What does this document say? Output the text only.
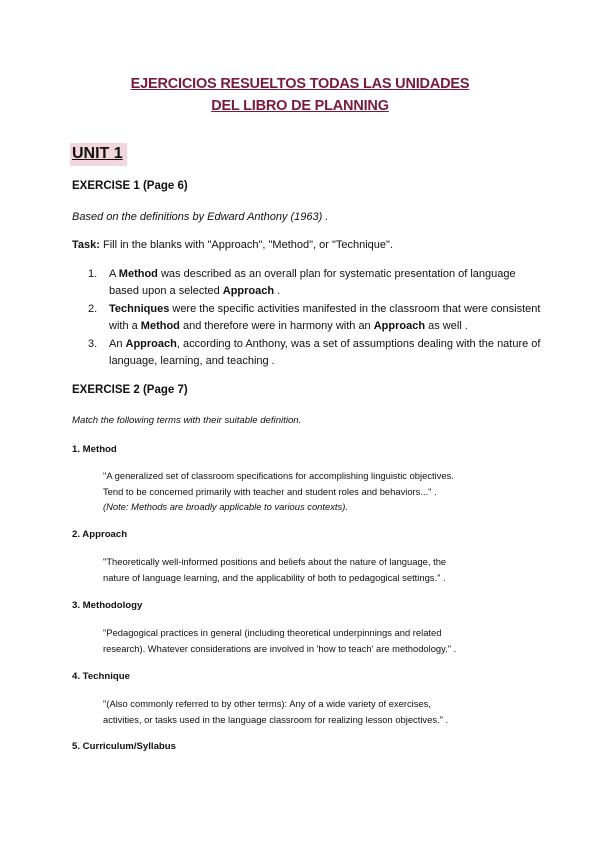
EJERCICIOS RESUELTOS TODAS LAS UNIDADES
DEL LIBRO DE PLANNING
UNIT 1
EXERCISE 1 (Page 6)
Based on the definitions by Edward Anthony (1963) .
Task: Fill in the blanks with "Approach", "Method", or "Technique".
1. A Method was described as an overall plan for systematic presentation of language based upon a selected Approach .
2. Techniques were the specific activities manifested in the classroom that were consistent with a Method and therefore were in harmony with an Approach as well .
3. An Approach, according to Anthony, was a set of assumptions dealing with the nature of language, learning, and teaching .
EXERCISE 2 (Page 7)
Match the following terms with their suitable definition.
1. Method
"A generalized set of classroom specifications for accomplishing linguistic objectives.
Tend to be concerned primarily with teacher and student roles and behaviors..." .
(Note: Methods are broadly applicable to various contexts).
2. Approach
"Theoretically well-informed positions and beliefs about the nature of language, the
nature of language learning, and the applicability of both to pedagogical settings." .
3. Methodology
"Pedagogical practices in general (including theoretical underpinnings and related
research). Whatever considerations are involved in 'how to teach' are methodology." .
4. Technique
"(Also commonly referred to by other terms): Any of a wide variety of exercises,
activities, or tasks used in the language classroom for realizing lesson objectives." .
5. Curriculum/Syllabus
